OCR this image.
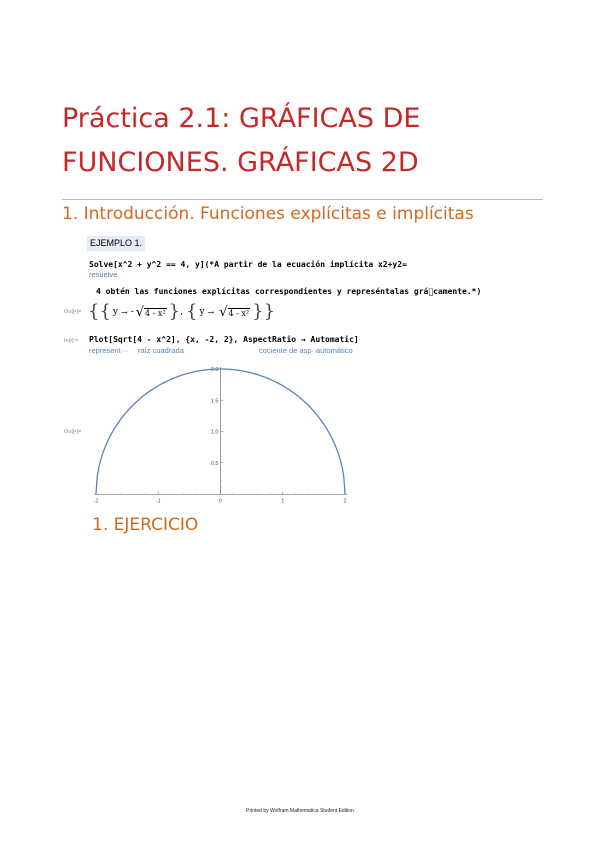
Práctica 2.1: GRÁFICAS DE
FUNCIONES. GRÁFICAS 2D
1. Introducción. Funciones explícitas e implícitas
EJEMPLO 1.
Solve[x^2 + y^2 == 4, y](*A partir de la ecuación implícita x2+y2=
resuelve
4 obtén las funciones explícitas correspondientes y represéntalas grá⃞camente.*)
Out[•]= { { y → - √ 4 - x² } , { y → √ 4 - x² } }
In[•]:= Plot[Sqrt[4 - x^2], {x, -2, 2}, AspectRatio → Automatic]
represent··· raíz cuadrada	cociente de asp···
automático
Out[•]=
-2	-1	0	1	2
0.5
1.0
1.5
2.0
1. EJERCICIO
Printed by Wolfram Mathematica Student Edition
